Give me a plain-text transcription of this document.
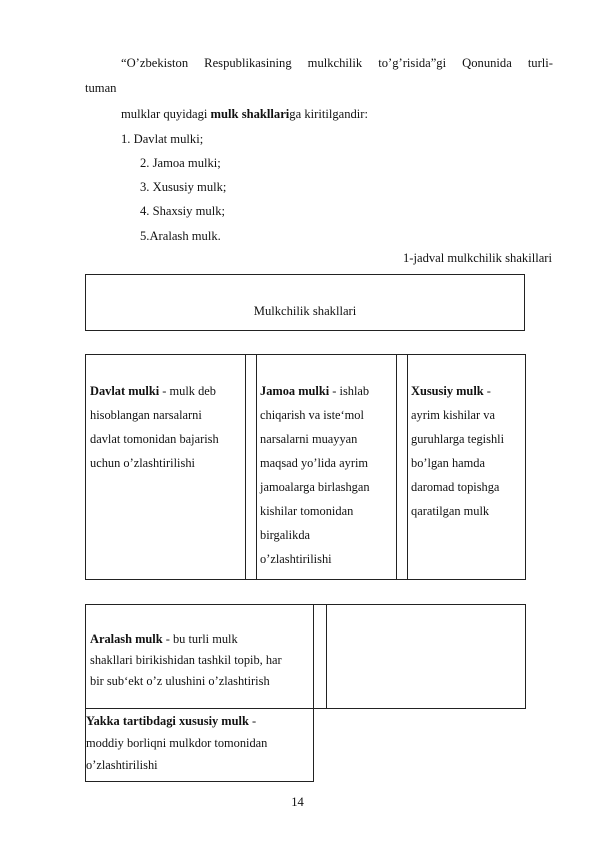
“O’zbekiston Respublikasining mulkchilik to’g’risida”gi Qonunida turli-
tuman
mulklar quyidagi mulk shakllariga kiritilgandir:
1. Davlat mulki;
2. Jamoa mulki;
3. Xususiy mulk;
4. Shaxsiy mulk;
5.Aralash mulk.
1-jadval mulkchilik shakillari
Mulkchilik shakllari
Davlat mulki - mulk deb
hisoblangan narsalarni
davlat tomonidan bajarish
uchun o’zlashtirilishi
Jamoa mulki - ishlab
chiqarish va iste‘mol
narsalarni muayyan
maqsad yo’lida ayrim
jamoalarga birlashgan
kishilar tomonidan
birgalikda
o’zlashtirilishi
Xususiy mulk -
ayrim kishilar va
guruhlarga tegishli
bo’lgan hamda
daromad topishga
qaratilgan mulk
Aralash mulk - bu turli mulk
shakllari birikishidan tashkil topib, har
bir sub‘ekt o’z ulushini o’zlashtirish
Yakka tartibdagi xususiy mulk -
moddiy borliqni mulkdor tomonidan
o’zlashtirilishi
14
